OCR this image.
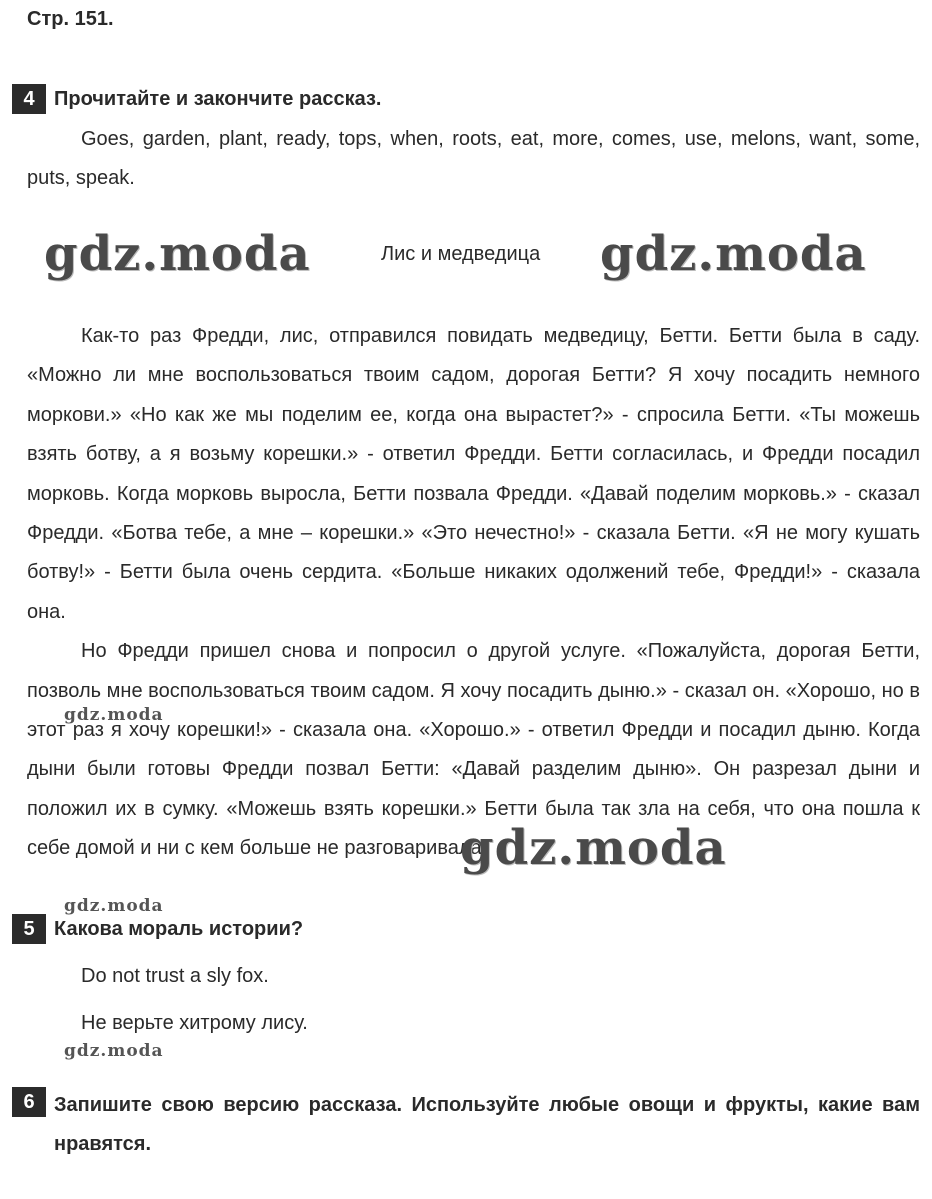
Стр. 151.
4 Прочитайте и закончите рассказ.

Goes, garden, plant, ready, tops, when, roots, eat, more, comes, use, melons, want, some, puts, speak.

Лис и медведица

Как-то раз Фредди, лис, отправился повидать медведицу, Бетти. Бетти была в саду. «Можно ли мне воспользоваться твоим садом, дорогая Бетти? Я хочу посадить немного моркови.» «Но как же мы поделим ее, когда она вырастет?» - спросила Бетти. «Ты можешь взять ботву, а я возьму корешки.» - ответил Фредди. Бетти согласилась, и Фредди посадил морковь. Когда морковь выросла, Бетти позвала Фредди. «Давай поделим морковь.» - сказал Фредди. «Ботва тебе, а мне – корешки.» «Это нечестно!» - сказала Бетти. «Я не могу кушать ботву!» - Бетти была очень сердита. «Больше никаких одолжений тебе, Фредди!» - сказала она.

Но Фредди пришел снова и попросил о другой услуге. «Пожалуйста, дорогая Бетти, позволь мне воспользоваться твоим садом. Я хочу посадить дыню.» - сказал он. «Хорошо, но в этот раз я хочу корешки!» - сказала она. «Хорошо.» - ответил Фредди и посадил дыню. Когда дыни были готовы Фредди позвал Бетти: «Давай разделим дыню». Он разрезал дыни и положил их в сумку. «Можешь взять корешки.» Бетти была так зла на себя, что она пошла к себе домой и ни с кем больше не разговаривала.

5 Какова мораль истории?
Do not trust a sly fox.
Не верьте хитрому лису.
6 Запишите свою версию рассказа. Используйте любые овощи и фрукты, какие вам нравятся.
gdz.moda	gdz.moda
gdz.moda
gdz.moda
gdz.moda
gdz.moda
